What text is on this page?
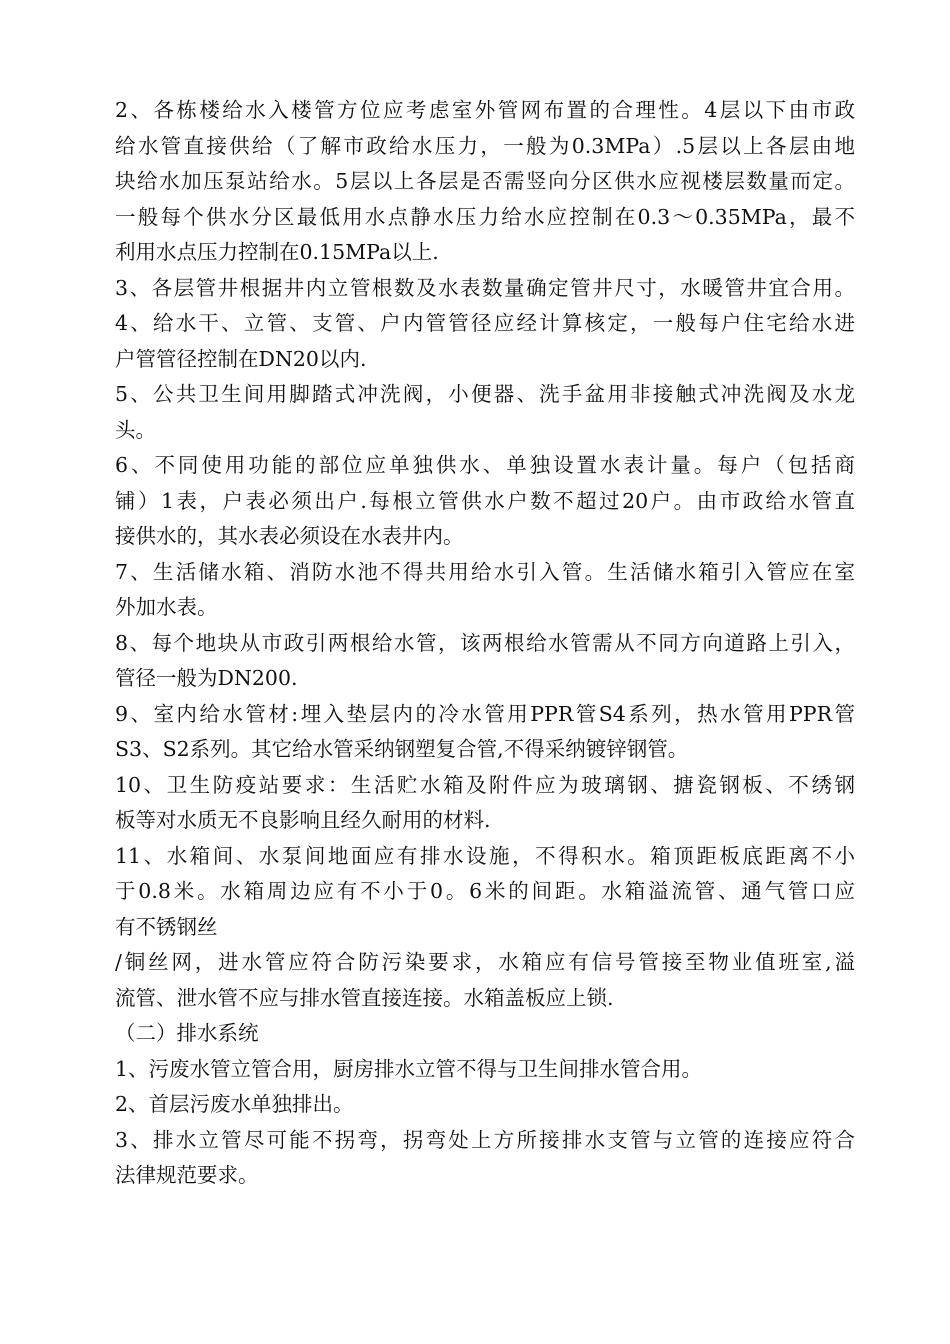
2、各栋楼给水入楼管方位应考虑室外管网布置的合理性。4层以下由市政
给水管直接供给（了解市政给水压力，一般为0.3MPa）.5层以上各层由地
块给水加压泵站给水。5层以上各层是否需竖向分区供水应视楼层数量而定。
一般每个供水分区最低用水点静水压力给水应控制在0.3～0.35MPa，最不
利用水点压力控制在0.15MPa以上.
3、各层管井根据井内立管根数及水表数量确定管井尺寸，水暖管井宜合用。
4、给水干、立管、支管、户内管管径应经计算核定，一般每户住宅给水进
户管管径控制在DN20以内.
5、公共卫生间用脚踏式冲洗阀，小便器、洗手盆用非接触式冲洗阀及水龙
头。
6、不同使用功能的部位应单独供水、单独设置水表计量。每户（包括商
铺）1表，户表必须出户.每根立管供水户数不超过20户。由市政给水管直
接供水的，其水表必须设在水表井内。
7、生活储水箱、消防水池不得共用给水引入管。生活储水箱引入管应在室
外加水表。
8、每个地块从市政引两根给水管，该两根给水管需从不同方向道路上引入，
管径一般为DN200.
9、室内给水管材:埋入垫层内的冷水管用PPR管S4系列，热水管用PPR管
S3、S2系列。其它给水管采纳钢塑复合管,不得采纳镀锌钢管。
10、卫生防疫站要求：生活贮水箱及附件应为玻璃钢、搪瓷钢板、不绣钢
板等对水质无不良影响且经久耐用的材料.
11、水箱间、水泵间地面应有排水设施，不得积水。箱顶距板底距离不小
于0.8米。水箱周边应有不小于0。6米的间距。水箱溢流管、通气管口应
有不锈钢丝
/铜丝网，进水管应符合防污染要求，水箱应有信号管接至物业值班室,溢
流管、泄水管不应与排水管直接连接。水箱盖板应上锁.
（二）排水系统
1、污废水管立管合用，厨房排水立管不得与卫生间排水管合用。
2、首层污废水单独排出。
3、排水立管尽可能不拐弯，拐弯处上方所接排水支管与立管的连接应符合
法律规范要求。
